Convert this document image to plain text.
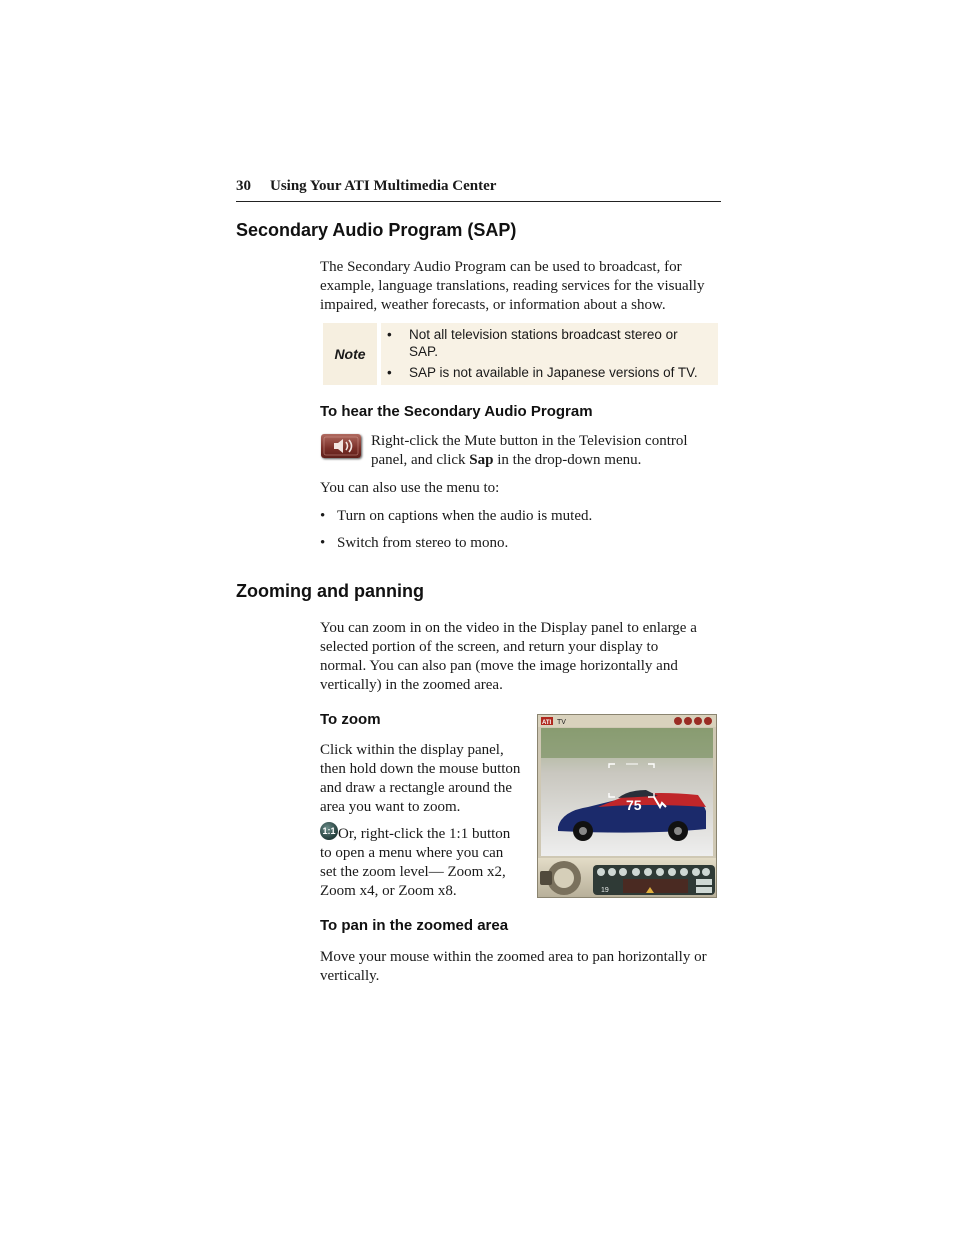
30 Using Your ATI Multimedia Center
Secondary Audio Program (SAP)

The Secondary Audio Program can be used to broadcast, for

example, language translations, reading services for the visually

impaired, weather forecasts, or information about a show.

Note
•	Not all television stations broadcast stereo or
SAP.
•	SAP is not available in Japanese versions of TV.
To hear the Secondary Audio Program

Right-click the Mute button in the Television control

panel, and click Sap in the drop-down menu.

You can also use the menu to:
• Turn on captions when the audio is muted.
• Switch from stereo to mono.
Zooming and panning

You can zoom in on the video in the Display panel to enlarge a

selected portion of the screen, and return your display to

normal. You can also pan (move the image horizontally and

vertically) in the zoomed area.

To zoom

Click within the display panel,

then hold down the mouse button

and draw a rectangle around the

area you want to zoom.

1:1 Or, right-click the 1:1 button

to open a menu where you can

set the zoom level— Zoom x2,

Zoom x4, or Zoom x8.

ATI TV
75
19
To pan in the zoomed area

Move your mouse within the zoomed area to pan horizontally or

vertically.
